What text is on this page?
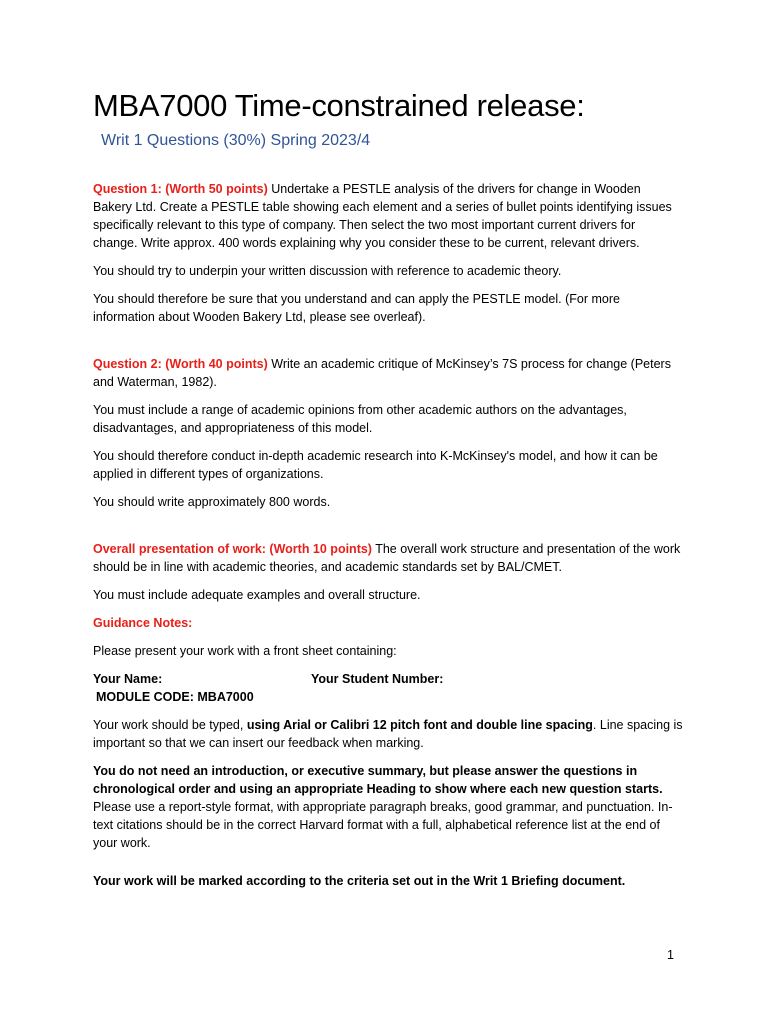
MBA7000 Time-constrained release:
Writ 1 Questions (30%) Spring 2023/4

Question 1: (Worth 50 points) Undertake a PESTLE analysis of the drivers for change in Wooden Bakery Ltd. Create a PESTLE table showing each element and a series of bullet points identifying issues specifically relevant to this type of company. Then select the two most important current drivers for change. Write approx. 400 words explaining why you consider these to be current, relevant drivers.

You should try to underpin your written discussion with reference to academic theory.

You should therefore be sure that you understand and can apply the PESTLE model. (For more information about Wooden Bakery Ltd, please see overleaf).

Question 2: (Worth 40 points) Write an academic critique of McKinsey’s 7S process for change (Peters and Waterman, 1982).

You must include a range of academic opinions from other academic authors on the advantages, disadvantages, and appropriateness of this model.

You should therefore conduct in-depth academic research into K-McKinsey's model, and how it can be applied in different types of organizations.

You should write approximately 800 words.

Overall presentation of work: (Worth 10 points) The overall work structure and presentation of the work should be in line with academic theories, and academic standards set by BAL/CMET.

You must include adequate examples and overall structure.

Guidance Notes:

Please present your work with a front sheet containing:

Your Name:	Your Student Number:
MODULE CODE: MBA7000

Your work should be typed, using Arial or Calibri 12 pitch font and double line spacing. Line spacing is important so that we can insert our feedback when marking.

You do not need an introduction, or executive summary, but please answer the questions in chronological order and using an appropriate Heading to show where each new question starts. Please use a report-style format, with appropriate paragraph breaks, good grammar, and punctuation. In-text citations should be in the correct Harvard format with a full, alphabetical reference list at the end of your work.

Your work will be marked according to the criteria set out in the Writ 1 Briefing document.

1
